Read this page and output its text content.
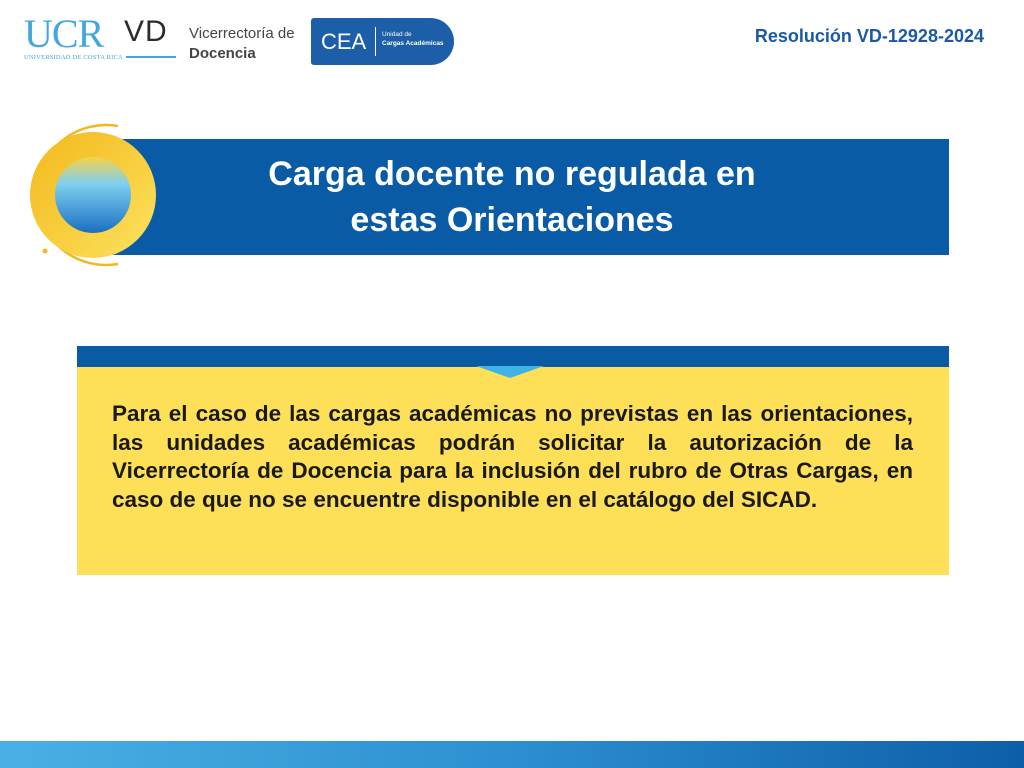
UCR
UNIVERSIDAD DE COSTA RICA
VD Vicerrectoría de
Docencia	CEA Unidad de
Cargas Académicas	Resolución VD-12928-2024
Carga docente no regulada en
estas Orientaciones

Para el caso de las cargas académicas no previstas en las orientaciones, las unidades académicas podrán solicitar la autorización de la Vicerrectoría de Docencia para la inclusión del rubro de Otras Cargas, en caso de que no se encuentre disponible en el catálogo del SICAD.
